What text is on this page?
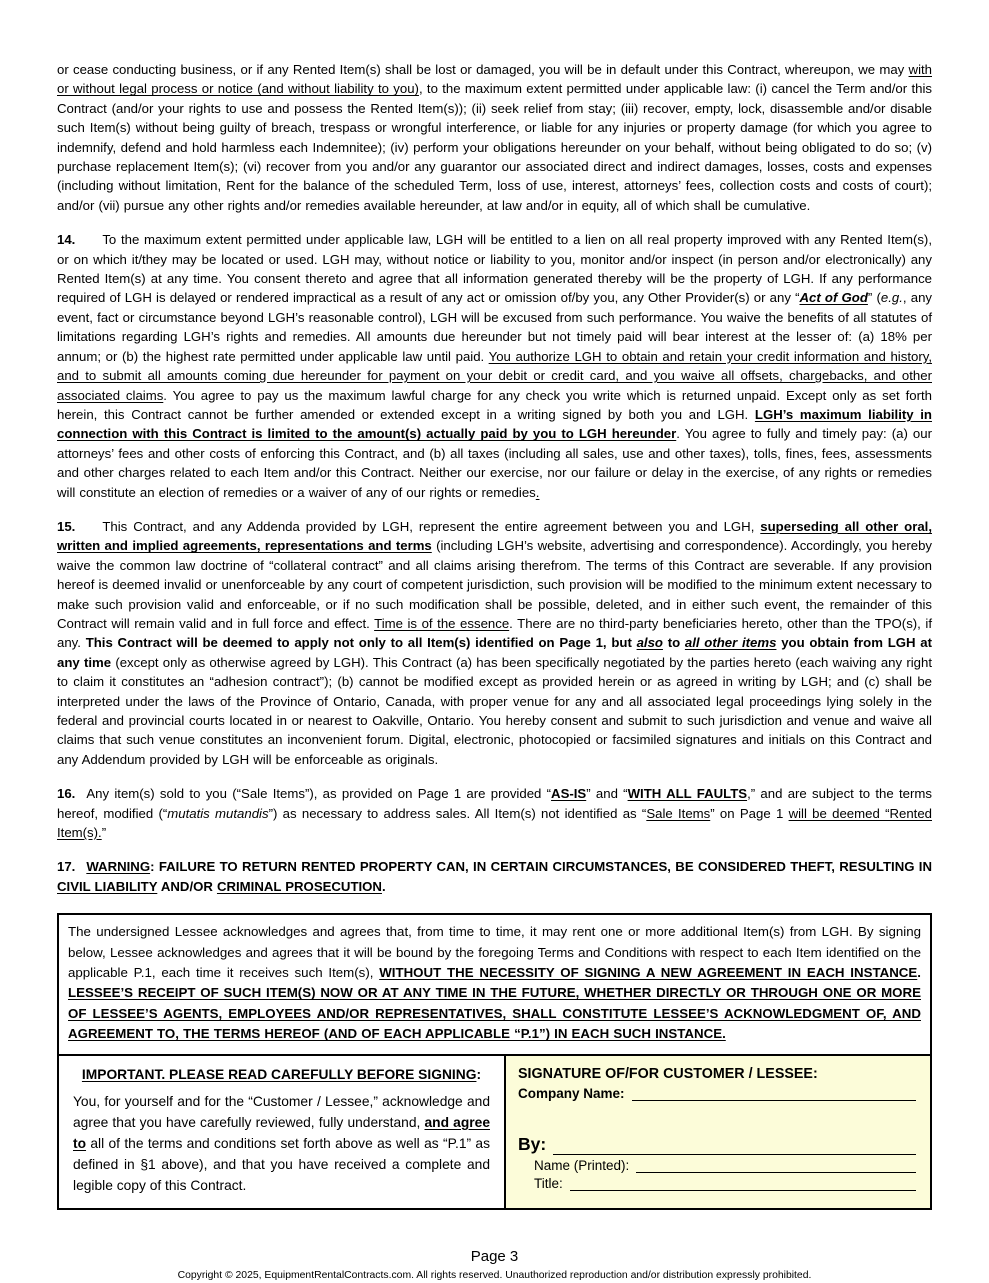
or cease conducting business, or if any Rented Item(s) shall be lost or damaged, you will be in default under this Contract, whereupon, we may with or without legal process or notice (and without liability to you), to the maximum extent permitted under applicable law: (i) cancel the Term and/or this Contract (and/or your rights to use and possess the Rented Item(s)); (ii) seek relief from stay; (iii) recover, empty, lock, disassemble and/or disable such Item(s) without being guilty of breach, trespass or wrongful interference, or liable for any injuries or property damage (for which you agree to indemnify, defend and hold harmless each Indemnitee); (iv) perform your obligations hereunder on your behalf, without being obligated to do so; (v) purchase replacement Item(s); (vi) recover from you and/or any guarantor our associated direct and indirect damages, losses, costs and expenses (including without limitation, Rent for the balance of the scheduled Term, loss of use, interest, attorneys’ fees, collection costs and costs of court); and/or (vii) pursue any other rights and/or remedies available hereunder, at law and/or in equity, all of which shall be cumulative.

14. To the maximum extent permitted under applicable law, LGH will be entitled to a lien on all real property improved with any Rented Item(s), or on which it/they may be located or used. LGH may, without notice or liability to you, monitor and/or inspect (in person and/or electronically) any Rented Item(s) at any time. You consent thereto and agree that all information generated thereby will be the property of LGH. If any performance required of LGH is delayed or rendered impractical as a result of any act or omission of/by you, any Other Provider(s) or any “Act of God” (e.g., any event, fact or circumstance beyond LGH’s reasonable control), LGH will be excused from such performance. You waive the benefits of all statutes of limitations regarding LGH’s rights and remedies. All amounts due hereunder but not timely paid will bear interest at the lesser of: (a) 18% per annum; or (b) the highest rate permitted under applicable law until paid. You authorize LGH to obtain and retain your credit information and history, and to submit all amounts coming due hereunder for payment on your debit or credit card, and you waive all offsets, chargebacks, and other associated claims. You agree to pay us the maximum lawful charge for any check you write which is returned unpaid. Except only as set forth herein, this Contract cannot be further amended or extended except in a writing signed by both you and LGH. LGH’s maximum liability in connection with this Contract is limited to the amount(s) actually paid by you to LGH hereunder. You agree to fully and timely pay: (a) our attorneys’ fees and other costs of enforcing this Contract, and (b) all taxes (including all sales, use and other taxes), tolls, fines, fees, assessments and other charges related to each Item and/or this Contract. Neither our exercise, nor our failure or delay in the exercise, of any rights or remedies will constitute an election of remedies or a waiver of any of our rights or remedies.

15. This Contract, and any Addenda provided by LGH, represent the entire agreement between you and LGH, superseding all other oral, written and implied agreements, representations and terms (including LGH’s website, advertising and correspondence). Accordingly, you hereby waive the common law doctrine of “collateral contract” and all claims arising therefrom. The terms of this Contract are severable. If any provision hereof is deemed invalid or unenforceable by any court of competent jurisdiction, such provision will be modified to the minimum extent necessary to make such provision valid and enforceable, or if no such modification shall be possible, deleted, and in either such event, the remainder of this Contract will remain valid and in full force and effect. Time is of the essence. There are no third-party beneficiaries hereto, other than the TPO(s), if any. This Contract will be deemed to apply not only to all Item(s) identified on Page 1, but also to all other items you obtain from LGH at any time (except only as otherwise agreed by LGH). This Contract (a) has been specifically negotiated by the parties hereto (each waiving any right to claim it constitutes an “adhesion contract”); (b) cannot be modified except as provided herein or as agreed in writing by LGH; and (c) shall be interpreted under the laws of the Province of Ontario, Canada, with proper venue for any and all associated legal proceedings lying solely in the federal and provincial courts located in or nearest to Oakville, Ontario. You hereby consent and submit to such jurisdiction and venue and waive all claims that such venue constitutes an inconvenient forum. Digital, electronic, photocopied or facsimiled signatures and initials on this Contract and any Addendum provided by LGH will be enforceable as originals.

16. Any item(s) sold to you (“Sale Items”), as provided on Page 1 are provided “AS-IS” and “WITH ALL FAULTS,” and are subject to the terms hereof, modified (“mutatis mutandis”) as necessary to address sales. All Item(s) not identified as “Sale Items” on Page 1 will be deemed “Rented Item(s).”

17. WARNING: FAILURE TO RETURN RENTED PROPERTY CAN, IN CERTAIN CIRCUMSTANCES, BE CONSIDERED THEFT, RESULTING IN CIVIL LIABILITY AND/OR CRIMINAL PROSECUTION.

The undersigned Lessee acknowledges and agrees that, from time to time, it may rent one or more additional Item(s) from LGH. By signing below, Lessee acknowledges and agrees that it will be bound by the foregoing Terms and Conditions with respect to each Item identified on the applicable P.1, each time it receives such Item(s), WITHOUT THE NECESSITY OF SIGNING A NEW AGREEMENT IN EACH INSTANCE. LESSEE’S RECEIPT OF SUCH ITEM(S) NOW OR AT ANY TIME IN THE FUTURE, WHETHER DIRECTLY OR THROUGH ONE OR MORE OF LESSEE’S AGENTS, EMPLOYEES AND/OR REPRESENTATIVES, SHALL CONSTITUTE LESSEE’S ACKNOWLEDGMENT OF, AND AGREEMENT TO, THE TERMS HEREOF (AND OF EACH APPLICABLE “P.1”) IN EACH SUCH INSTANCE.

IMPORTANT. PLEASE READ CAREFULLY BEFORE SIGNING:

You, for yourself and for the “Customer / Lessee,” acknowledge and agree that you have carefully reviewed, fully understand, and agree to all of the terms and conditions set forth above as well as “P.1” as defined in §1 above), and that you have received a complete and legible copy of this Contract.

SIGNATURE OF/FOR CUSTOMER / LESSEE:
Company Name:
By:
Name (Printed):
Title:
Page 3
Copyright © 2025, EquipmentRentalContracts.com. All rights reserved. Unauthorized reproduction and/or distribution expressly prohibited.
